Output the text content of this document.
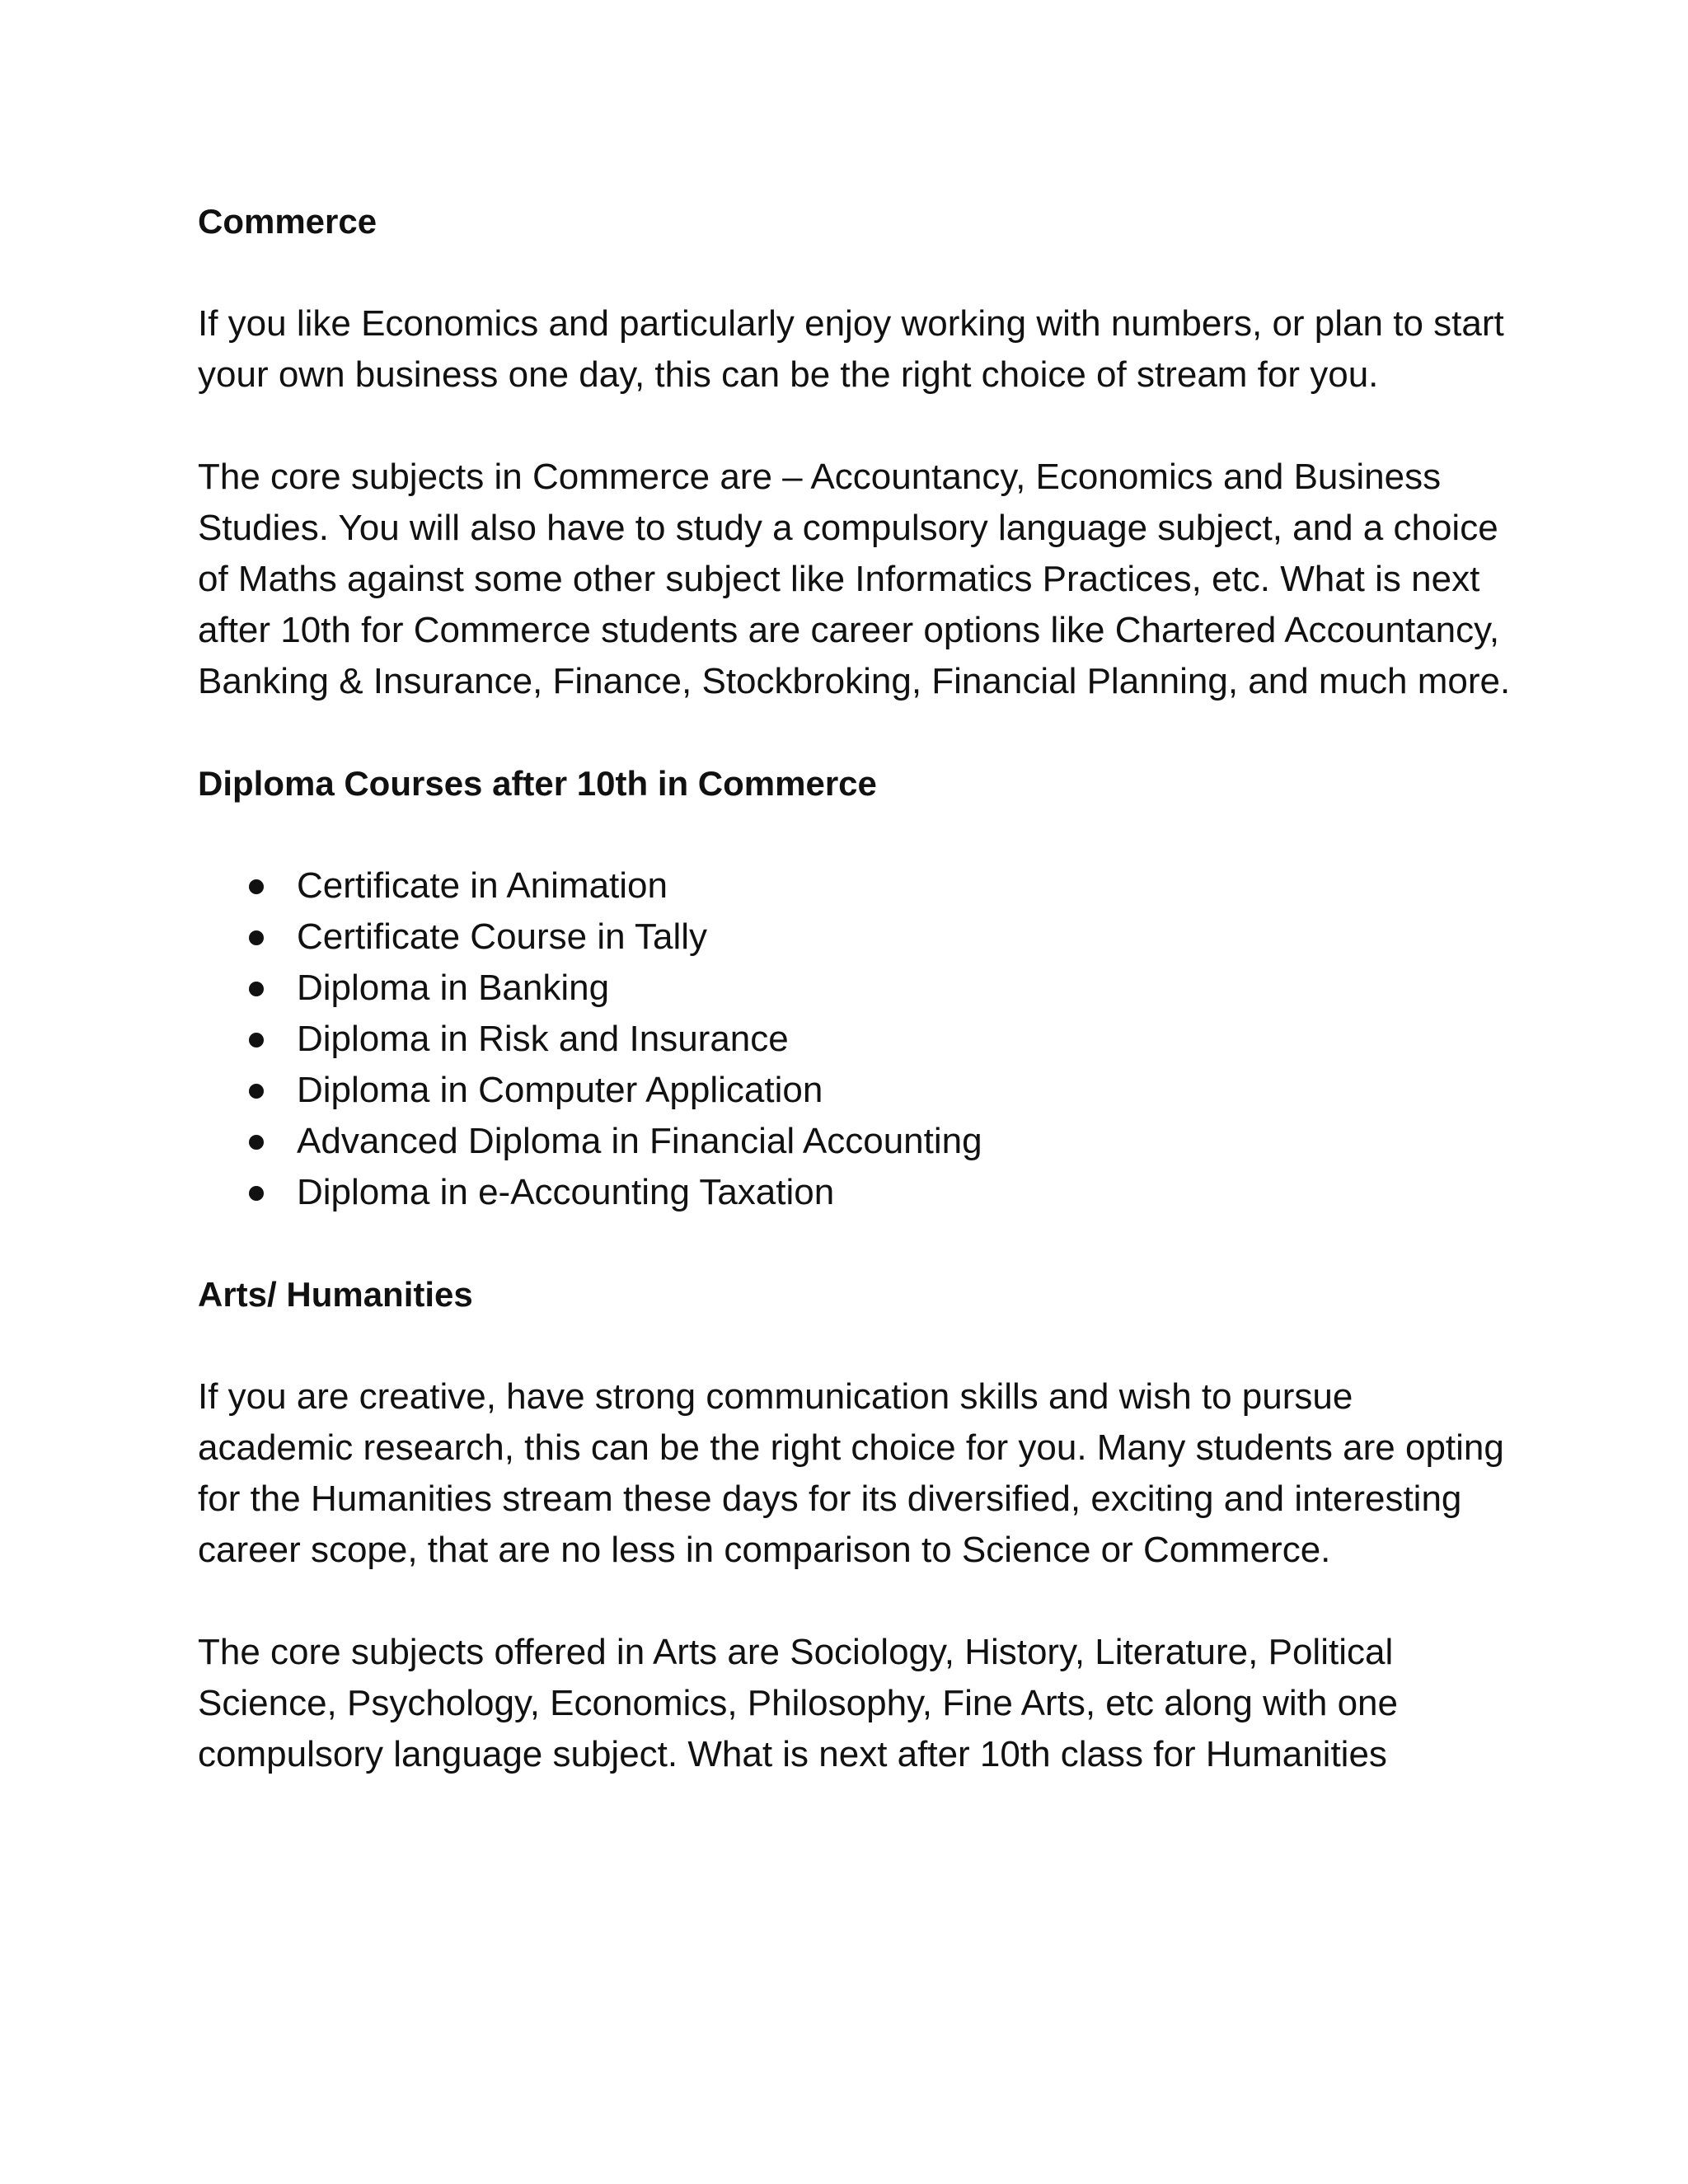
Commerce

If you like Economics and particularly enjoy working with numbers, or plan to start your own business one day, this can be the right choice of stream for you.

The core subjects in Commerce are – Accountancy, Economics and Business Studies. You will also have to study a compulsory language subject, and a choice of Maths against some other subject like Informatics Practices, etc. What is next after 10th for Commerce students are career options like Chartered Accountancy, Banking & Insurance, Finance, Stockbroking, Financial Planning, and much more.

Diploma Courses after 10th in Commerce

Certificate in Animation
Certificate Course in Tally
Diploma in Banking
Diploma in Risk and Insurance
Diploma in Computer Application
Advanced Diploma in Financial Accounting
Diploma in e-Accounting Taxation

Arts/ Humanities

If you are creative, have strong communication skills and wish to pursue academic research, this can be the right choice for you. Many students are opting for the Humanities stream these days for its diversified, exciting and interesting career scope, that are no less in comparison to Science or Commerce.

The core subjects offered in Arts are Sociology, History, Literature, Political Science, Psychology, Economics, Philosophy, Fine Arts, etc along with one compulsory language subject. What is next after 10th class for Humanities
